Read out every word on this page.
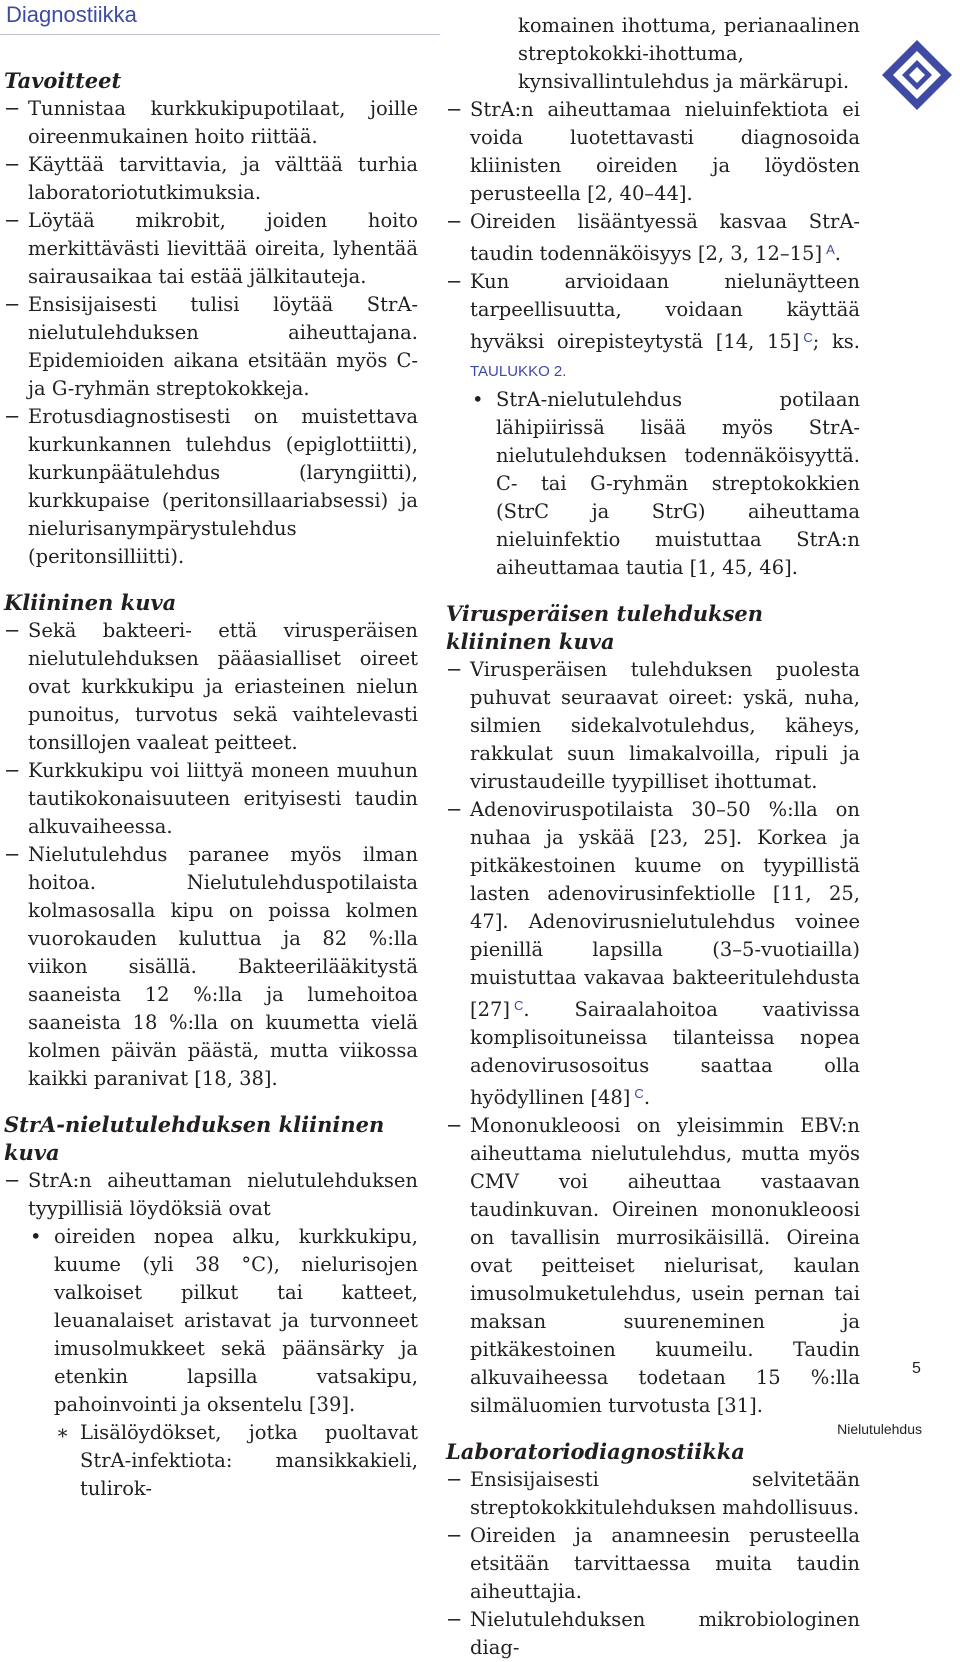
Diagnostiikka
Tavoitteet
− Tunnistaa kurkkukipupotilaat, joille oireenmukainen hoito riittää.
− Käyttää tarvittavia, ja välttää turhia laboratoriotutkimuksia.
− Löytää mikrobit, joiden hoito merkittävästi lievittää oireita, lyhentää sairausaikaa tai estää jälkitauteja.
− Ensisijaisesti tulisi löytää StrA-nielutulehduksen aiheuttajana. Epidemioiden aikana etsitään myös C- ja G-ryhmän streptokokkeja.
− Erotusdiagnostisesti on muistettava kurkunkannen tulehdus (epiglottiitti), kurkunpäätulehdus (laryngiitti), kurkkupaise (peritonsillaariabsessi) ja nielurisanympärystulehdus (peritonsilliitti).
Kliininen kuva
− Sekä bakteeri- että virusperäisen nielutulehduksen pääasialliset oireet ovat kurkkukipu ja eriasteinen nielun punoitus, turvotus sekä vaihtelevasti tonsillojen vaaleat peitteet.
− Kurkkukipu voi liittyä moneen muuhun tautikokonaisuuteen erityisesti taudin alkuvaiheessa.
− Nielutulehdus paranee myös ilman hoitoa. Nielutulehduspotilaista kolmasosalla kipu on poissa kolmen vuorokauden kuluttua ja 82 %:lla viikon sisällä. Bakteerilääkitystä saaneista 12 %:lla ja lumehoitoa saaneista 18 %:lla on kuumetta vielä kolmen päivän päästä, mutta viikossa kaikki paranivat [18, 38].
StrA-nielutulehduksen kliininen kuva
− StrA:n aiheuttaman nielutulehduksen tyypillisiä löydöksiä ovat
• oireiden nopea alku, kurkkukipu, kuume (yli 38 °C), nielurisojen valkoiset pilkut tai katteet, leuanalaiset aristavat ja turvonneet imusolmukkeet sekä päänsärky ja etenkin lapsilla vatsakipu, pahoinvointi ja oksentelu [39].
∗ Lisälöydökset, jotka puoltavat StrA-infektiota: mansikkakieli, tulirok-
komainen ihottuma, perianaalinen streptokokki-ihottuma, kynsivallintulehdus ja märkärupi.
− StrA:n aiheuttamaa nieluinfektiota ei voida luotettavasti diagnosoida kliinisten oireiden ja löydösten perusteella [2, 40–44].
− Oireiden lisääntyessä kasvaa StrA-taudin todennäköisyys [2, 3, 12–15] $^A$.
− Kun arvioidaan nielunäytteen tarpeellisuutta, voidaan käyttää hyväksi oirepisteytystä [14, 15] $^C$; ks. TAULUKKO 2.
• StrA-nielutulehdus potilaan lähipiirissä lisää myös StrA-nielutulehduksen todennäköisyyttä. C- tai G-ryhmän streptokokkien (StrC ja StrG) aiheuttama nieluinfektio muistuttaa StrA:n aiheuttamaa tautia [1, 45, 46].
Virusperäisen tulehduksen kliininen kuva
− Virusperäisen tulehduksen puolesta puhuvat seuraavat oireet: yskä, nuha, silmien sidekalvotulehdus, käheys, rakkulat suun limakalvoilla, ripuli ja virustaudeille tyypilliset ihottumat.
− Adenoviruspotilaista 30–50 %:lla on nuhaa ja yskää [23, 25]. Korkea ja pitkäkestoinen kuume on tyypillistä lasten adenovirusinfektiolle [11, 25, 47]. Adenovirusnielutulehdus voinee pienillä lapsilla (3–5-vuotiailla) muistuttaa vakavaa bakteeritulehdusta [27] $^C$. Sairaalahoitoa vaativissa komplisoituneissa tilanteissa nopea adenovirusosoitus saattaa olla hyödyllinen [48] $^C$.
− Mononukleoosi on yleisimmin EBV:n aiheuttama nielutulehdus, mutta myös CMV voi aiheuttaa vastaavan taudinkuvan. Oireinen mononukleoosi on tavallisin murrosikäisillä. Oireina ovat peitteiset nielurisat, kaulan imusolmuketulehdus, usein pernan tai maksan suureneminen ja pitkäkestoinen kuumeilu. Taudin alkuvaiheessa todetaan 15 %:lla silmäluomien turvotusta [31].
Laboratoriodiagnostiikka
− Ensisijaisesti selvitetään streptokokkitulehduksen mahdollisuus.
− Oireiden ja anamneesin perusteella etsitään tarvittaessa muita taudin aiheuttajia.
− Nielutulehduksen mikrobiologinen diag-
5
Nielutulehdus
